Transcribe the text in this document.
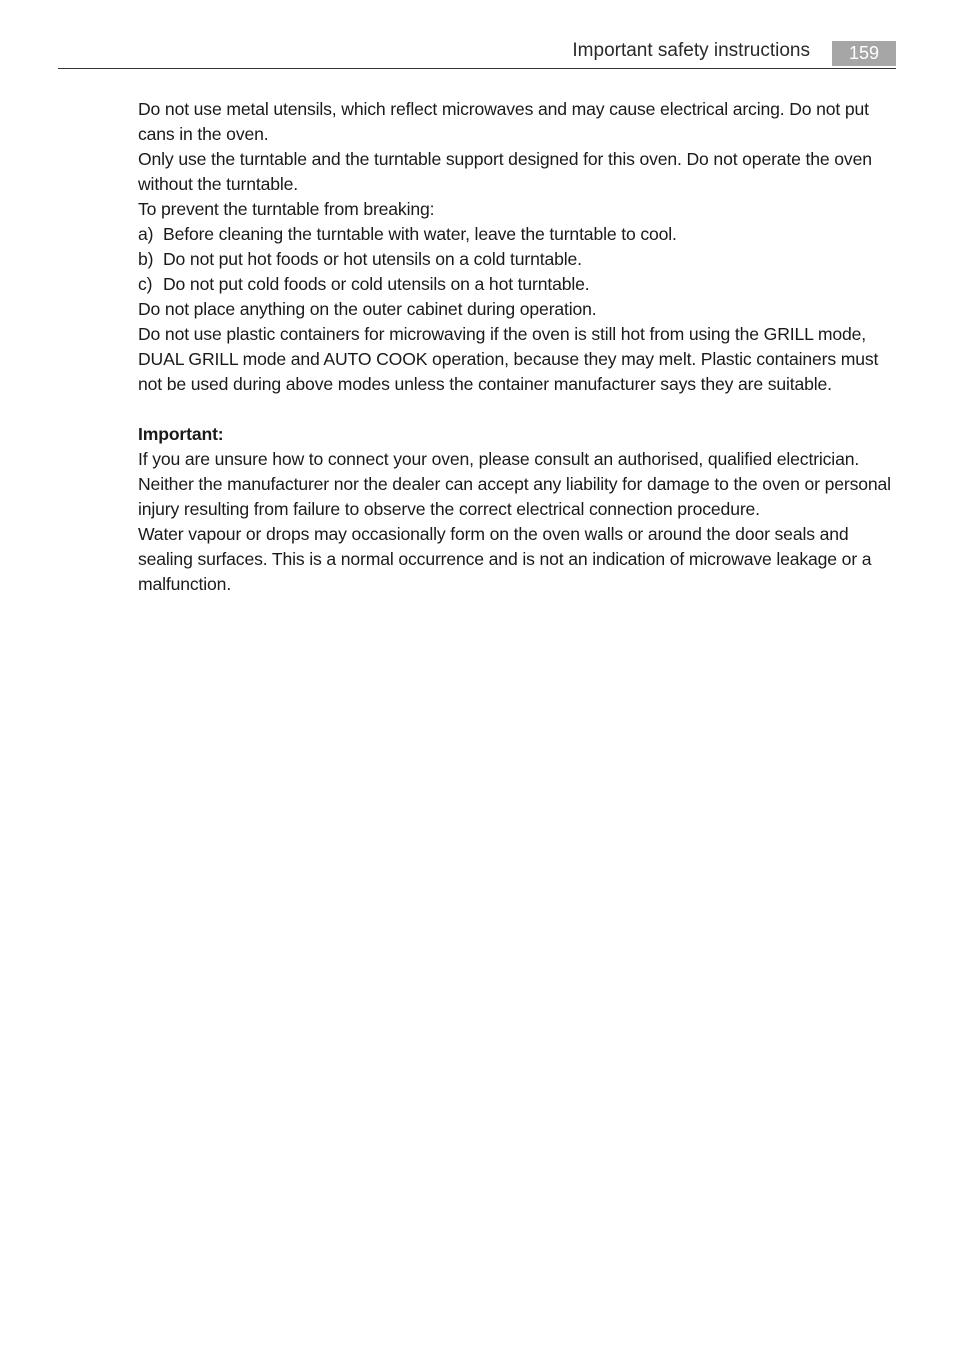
Important safety instructions	159

Do not use metal utensils, which reflect microwaves and may cause electrical arcing. Do not put cans in the oven.

Only use the turntable and the turntable support designed for this oven. Do not operate the oven without the turntable.

To prevent the turntable from breaking:

a) Before cleaning the turntable with water, leave the turntable to cool.
b) Do not put hot foods or hot utensils on a cold turntable.
c) Do not put cold foods or cold utensils on a hot turntable.

Do not place anything on the outer cabinet during operation.

Do not use plastic containers for microwaving if the oven is still hot from using the GRILL mode, DUAL GRILL mode and AUTO COOK operation, because they may melt. Plastic containers must not be used during above modes unless the container manufacturer says they are suitable.

Important:

If you are unsure how to connect your oven, please consult an authorised, qualified electrician.

Neither the manufacturer nor the dealer can accept any liability for damage to the oven or personal injury resulting from failure to observe the correct electrical connection procedure.

Water vapour or drops may occasionally form on the oven walls or around the door seals and sealing surfaces. This is a normal occurrence and is not an indication of microwave leakage or a malfunction.
